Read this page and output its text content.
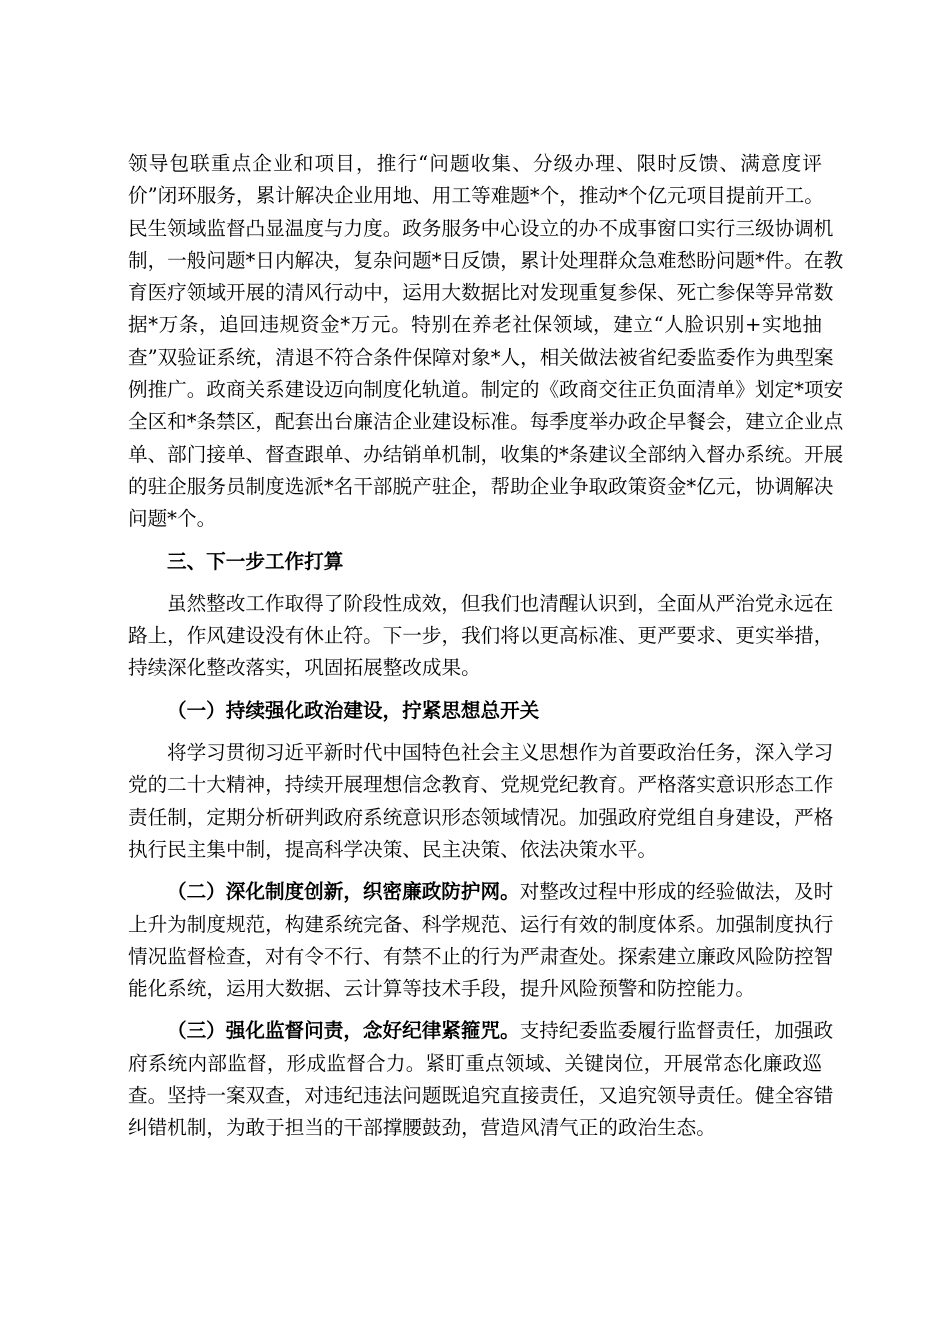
领导包联重点企业和项目，推行“问题收集、分级办理、限时反馈、满意度评
价”闭环服务，累计解决企业用地、用工等难题*个，推动*个亿元项目提前开工。
民生领域监督凸显温度与力度。政务服务中心设立的办不成事窗口实行三级协调机
制，一般问题*日内解决，复杂问题*日反馈，累计处理群众急难愁盼问题*件。在教
育医疗领域开展的清风行动中，运用大数据比对发现重复参保、死亡参保等异常数
据*万条，追回违规资金*万元。特别在养老社保领域，建立“人脸识别+实地抽
查”双验证系统，清退不符合条件保障对象*人，相关做法被省纪委监委作为典型案
例推广。政商关系建设迈向制度化轨道。制定的《政商交往正负面清单》划定*项安
全区和*条禁区，配套出台廉洁企业建设标准。每季度举办政企早餐会，建立企业点
单、部门接单、督查跟单、办结销单机制，收集的*条建议全部纳入督办系统。开展
的驻企服务员制度选派*名干部脱产驻企，帮助企业争取政策资金*亿元，协调解决
问题*个。
三、下一步工作打算
虽然整改工作取得了阶段性成效，但我们也清醒认识到，全面从严治党永远在
路上，作风建设没有休止符。下一步，我们将以更高标准、更严要求、更实举措，
持续深化整改落实，巩固拓展整改成果。
（一）持续强化政治建设，拧紧思想总开关
将学习贯彻习近平新时代中国特色社会主义思想作为首要政治任务，深入学习
党的二十大精神，持续开展理想信念教育、党规党纪教育。严格落实意识形态工作
责任制，定期分析研判政府系统意识形态领域情况。加强政府党组自身建设，严格
执行民主集中制，提高科学决策、民主决策、依法决策水平。
（二）深化制度创新，织密廉政防护网。对整改过程中形成的经验做法，及时
上升为制度规范，构建系统完备、科学规范、运行有效的制度体系。加强制度执行
情况监督检查，对有令不行、有禁不止的行为严肃查处。探索建立廉政风险防控智
能化系统，运用大数据、云计算等技术手段，提升风险预警和防控能力。
（三）强化监督问责，念好纪律紧箍咒。支持纪委监委履行监督责任，加强政
府系统内部监督，形成监督合力。紧盯重点领域、关键岗位，开展常态化廉政巡
查。坚持一案双查，对违纪违法问题既追究直接责任，又追究领导责任。健全容错
纠错机制，为敢于担当的干部撑腰鼓劲，营造风清气正的政治生态。
